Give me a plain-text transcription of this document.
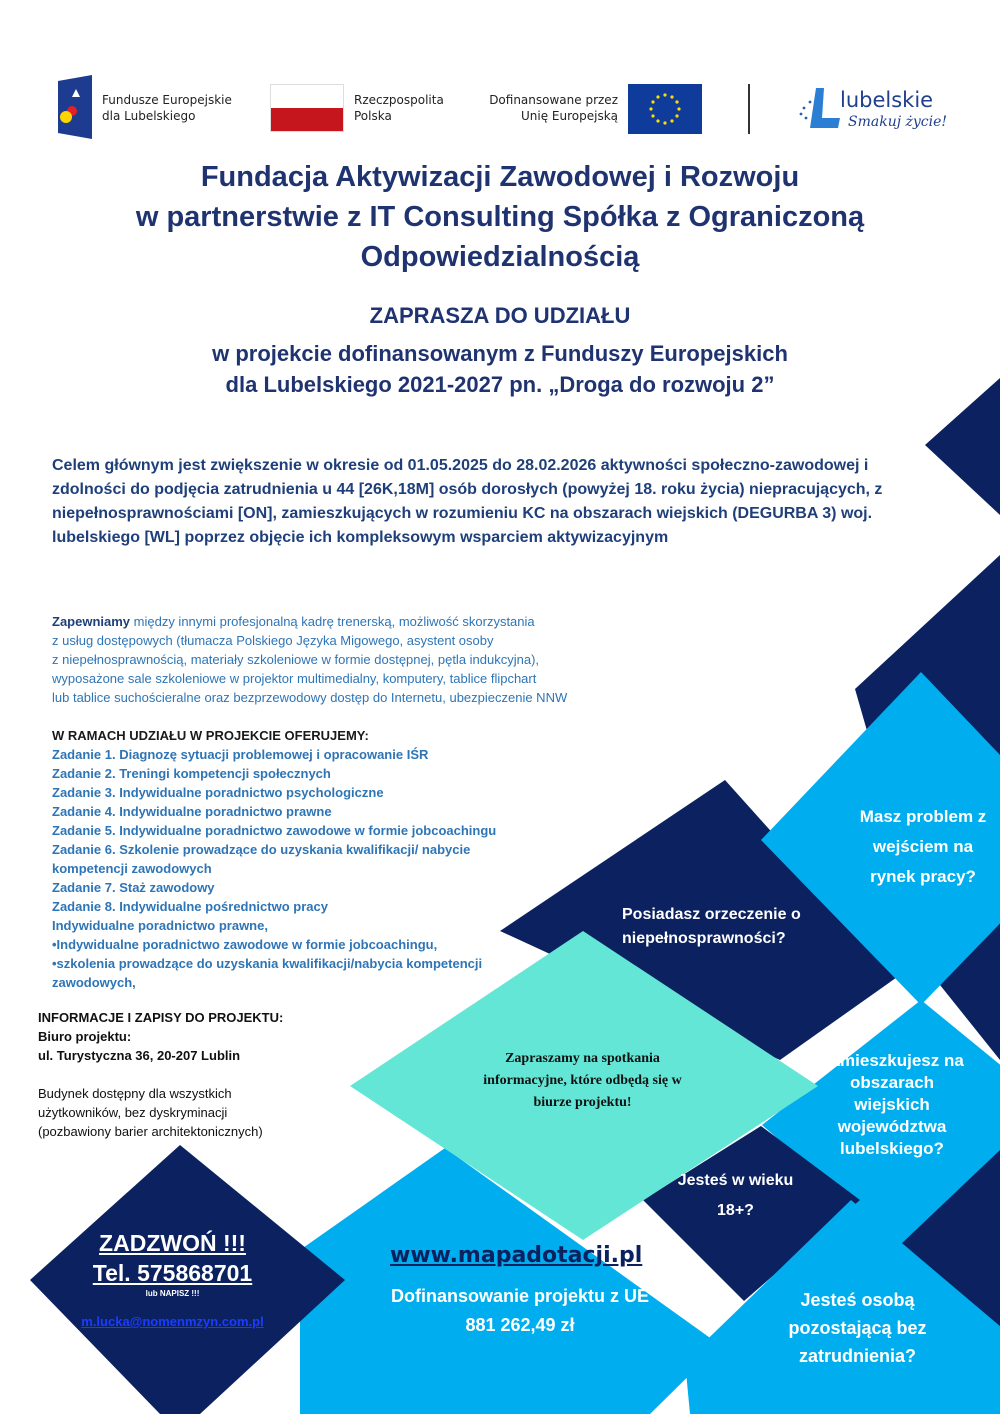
Fundusze Europejskie
dla Lubelskiego
Rzeczpospolita
Polska
Dofinansowane przez
Unię Europejską
lubelskie
Smakuj życie!
Fundacja Aktywizacji Zawodowej i Rozwoju
w partnerstwie z IT Consulting Spółka z Ograniczoną
Odpowiedzialnością
ZAPRASZA DO UDZIAŁU
w projekcie dofinansowanym z Funduszy Europejskich
dla Lubelskiego 2021-2027 pn. „Droga do rozwoju 2”
Celem głównym jest zwiększenie w okresie od 01.05.2025 do 28.02.2026 aktywności społeczno-zawodowej i zdolności do podjęcia zatrudnienia u 44 [26K,18M] osób dorosłych (powyżej 18. roku życia) niepracujących, z niepełnosprawnościami [ON], zamieszkujących w rozumieniu KC na obszarach wiejskich (DEGURBA 3) woj. lubelskiego [WL] poprzez objęcie ich kompleksowym wsparciem aktywizacyjnym
Zapewniamy między innymi profesjonalną kadrę trenerską, możliwość skorzystania
z usług dostępowych (tłumacza Polskiego Języka Migowego, asystent osoby
z niepełnosprawnością, materiały szkoleniowe w formie dostępnej, pętla indukcyjna),
wyposażone sale szkoleniowe w projektor multimedialny, komputery, tablice flipchart
lub tablice suchościeralne oraz bezprzewodowy dostęp do Internetu, ubezpieczenie NNW
W RAMACH UDZIAŁU W PROJEKCIE OFERUJEMY:
Zadanie 1. Diagnozę sytuacji problemowej i opracowanie IŚR
Zadanie 2. Treningi kompetencji społecznych
Zadanie 3. Indywidualne poradnictwo psychologiczne
Zadanie 4. Indywidualne poradnictwo prawne
Zadanie 5. Indywidualne poradnictwo zawodowe w formie jobcoachingu
Zadanie 6. Szkolenie prowadzące do uzyskania kwalifikacji/ nabycie kompetencji zawodowych
Zadanie 7. Staż zawodowy
Zadanie 8. Indywidualne pośrednictwo pracy
Indywidualne poradnictwo prawne,
•Indywidualne poradnictwo zawodowe w formie jobcoachingu,
•szkolenia prowadzące do uzyskania kwalifikacji/nabycia kompetencji zawodowych,
INFORMACJE I ZAPISY DO PROJEKTU:
Biuro projektu:
ul. Turystyczna 36, 20-207 Lublin
Budynek dostępny dla wszystkich użytkowników, bez dyskryminacji (pozbawiony barier architektonicznych)
Masz problem z wejściem na rynek pracy?
Posiadasz orzeczenie o niepełnosprawności?
Zamieszkujesz na obszarach wiejskich województwa lubelskiego?
Jesteś w wieku 18+?
Jesteś osobą pozostającą bez zatrudnienia?
Zapraszamy na spotkania informacyjne, które odbędą się w biurze projektu!
ZADZWOŃ !!!
Tel. 575868701
lub NAPISZ !!!
m.lucka@nomenmzyn.com.pl
www.mapadotacji.pl
Dofinansowanie projektu z UE
881 262,49 zł
